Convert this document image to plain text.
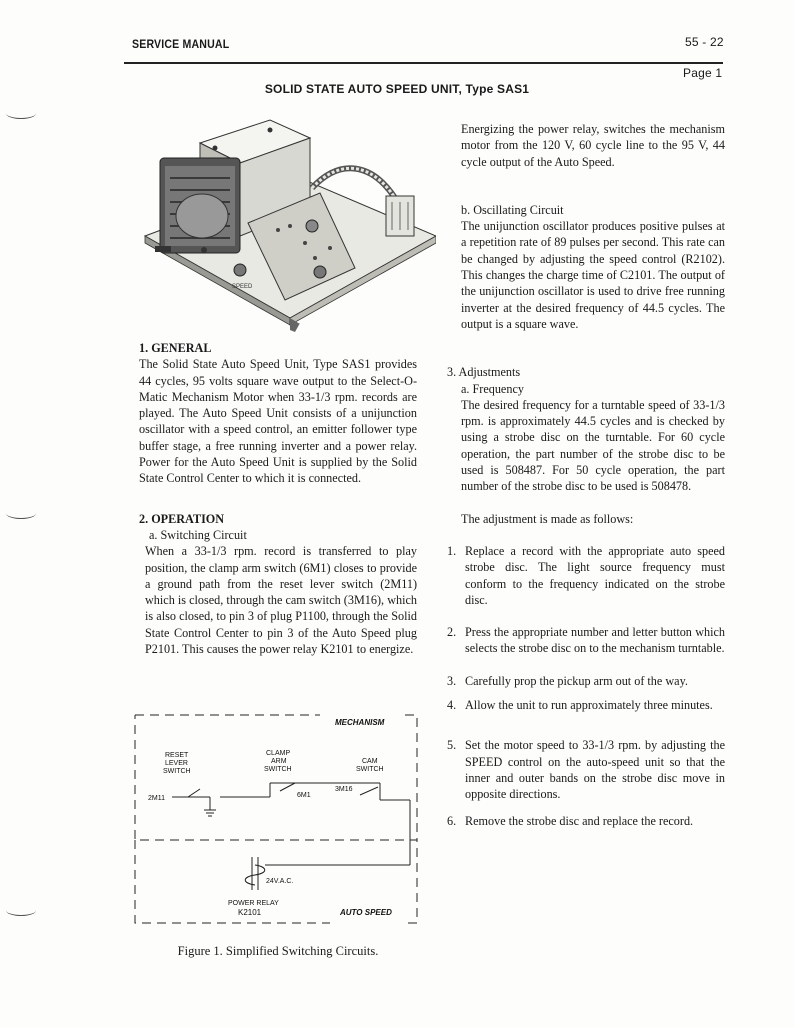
SERVICE MANUAL	55 - 22
Page 1
SOLID STATE AUTO SPEED UNIT, Type SAS1
SPEED

1. GENERAL

The Solid State Auto Speed Unit, Type SAS1 provides 44 cycles, 95 volts square wave output to the Select-O-Matic Mechanism Motor when 33-1/3 rpm. records are played. The Auto Speed Unit consists of a unijunction oscillator with a speed control, an emitter follower type buffer stage, a free running inverter and a power relay. Power for the Auto Speed Unit is supplied by the Solid State Control Center to which it is connected.

2. OPERATION

a. Switching Circuit

When a 33-1/3 rpm. record is transferred to play position, the clamp arm switch (6M1) closes to provide a ground path from the reset lever switch (2M11) which is closed, through the cam switch (3M16), which is also closed, to pin 3 of plug P1100, through the Solid State Control Center to pin 3 of the Auto Speed plug P2101. This causes the power relay K2101 to energize.

MECHANISM
RESET
LEVER
SWITCH
CLAMP
ARM
SWITCH
CAM
SWITCH
2M11	6M1
3M16
24V.A.C.
POWER RELAY
K2101	AUTO SPEED
Figure 1. Simplified Switching Circuits.

Energizing the power relay, switches the mechanism motor from the 120 V, 60 cycle line to the 95 V, 44 cycle output of the Auto Speed.

b. Oscillating Circuit

The unijunction oscillator produces positive pulses at a repetition rate of 89 pulses per second. This rate can be changed by adjusting the speed control (R2102). This changes the charge time of C2101. The output of the unijunction oscillator is used to drive free running inverter at the desired frequency of 44.5 cycles. The output is a square wave.

3. Adjustments

a. Frequency

The desired frequency for a turntable speed of 33-1/3 rpm. is approximately 44.5 cycles and is checked by using a strobe disc on the turntable. For 60 cycle operation, the part number of the strobe disc to be used is 508487. For 50 cycle operation, the part number of the strobe disc to be used is 508478.

The adjustment is made as follows:

1. Replace a record with the appropriate auto speed strobe disc. The light source frequency must conform to the frequency indicated on the strobe disc.
2. Press the appropriate number and letter button which selects the strobe disc on to the mechanism turntable.
3. Carefully prop the pickup arm out of the way.
4. Allow the unit to run approximately three minutes.
5. Set the motor speed to 33-1/3 rpm. by adjusting the SPEED control on the auto-speed unit so that the inner and outer bands on the strobe disc move in opposite directions.
6. Remove the strobe disc and replace the record.
